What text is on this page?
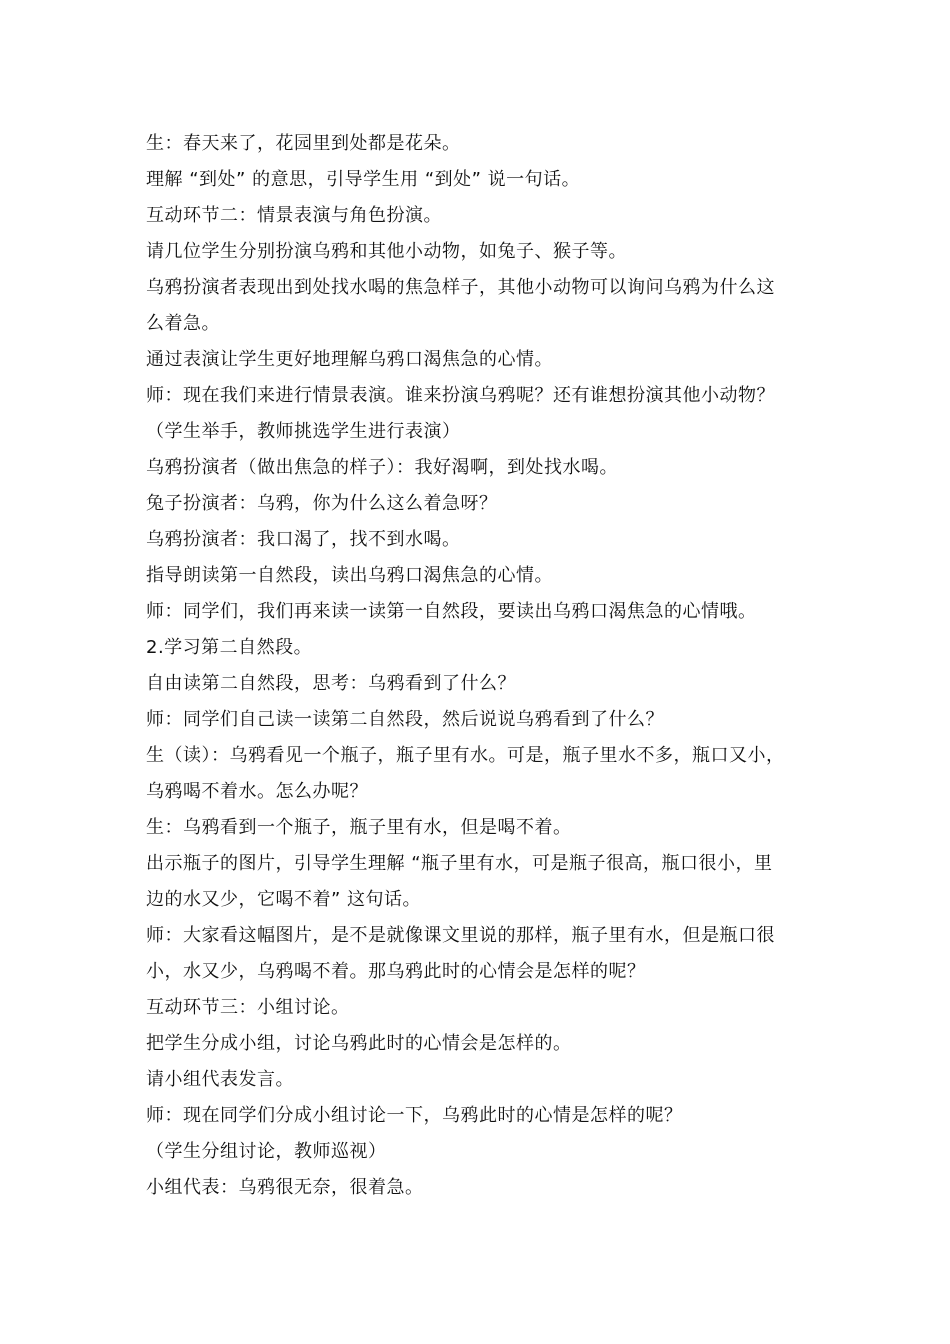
生：春天来了，花园里到处都是花朵。

理解 “到处” 的意思，引导学生用 “到处” 说一句话。

互动环节二：情景表演与角色扮演。

请几位学生分别扮演乌鸦和其他小动物，如兔子、猴子等。

乌鸦扮演者表现出到处找水喝的焦急样子，其他小动物可以询问乌鸦为什么这

么着急。

通过表演让学生更好地理解乌鸦口渴焦急的心情。

师：现在我们来进行情景表演。谁来扮演乌鸦呢？还有谁想扮演其他小动物？

（学生举手，教师挑选学生进行表演）

乌鸦扮演者（做出焦急的样子）：我好渴啊，到处找水喝。

兔子扮演者：乌鸦，你为什么这么着急呀？

乌鸦扮演者：我口渴了，找不到水喝。

指导朗读第一自然段，读出乌鸦口渴焦急的心情。

师：同学们，我们再来读一读第一自然段，要读出乌鸦口渴焦急的心情哦。

2.学习第二自然段。

自由读第二自然段，思考：乌鸦看到了什么？

师：同学们自己读一读第二自然段，然后说说乌鸦看到了什么？

生（读）：乌鸦看见一个瓶子，瓶子里有水。可是，瓶子里水不多，瓶口又小，

乌鸦喝不着水。怎么办呢？

生：乌鸦看到一个瓶子，瓶子里有水，但是喝不着。

出示瓶子的图片，引导学生理解 “瓶子里有水，可是瓶子很高，瓶口很小，里

边的水又少，它喝不着” 这句话。

师：大家看这幅图片，是不是就像课文里说的那样，瓶子里有水，但是瓶口很

小，水又少，乌鸦喝不着。那乌鸦此时的心情会是怎样的呢？

互动环节三：小组讨论。

把学生分成小组，讨论乌鸦此时的心情会是怎样的。

请小组代表发言。

师：现在同学们分成小组讨论一下，乌鸦此时的心情是怎样的呢？

（学生分组讨论，教师巡视）

小组代表：乌鸦很无奈，很着急。
